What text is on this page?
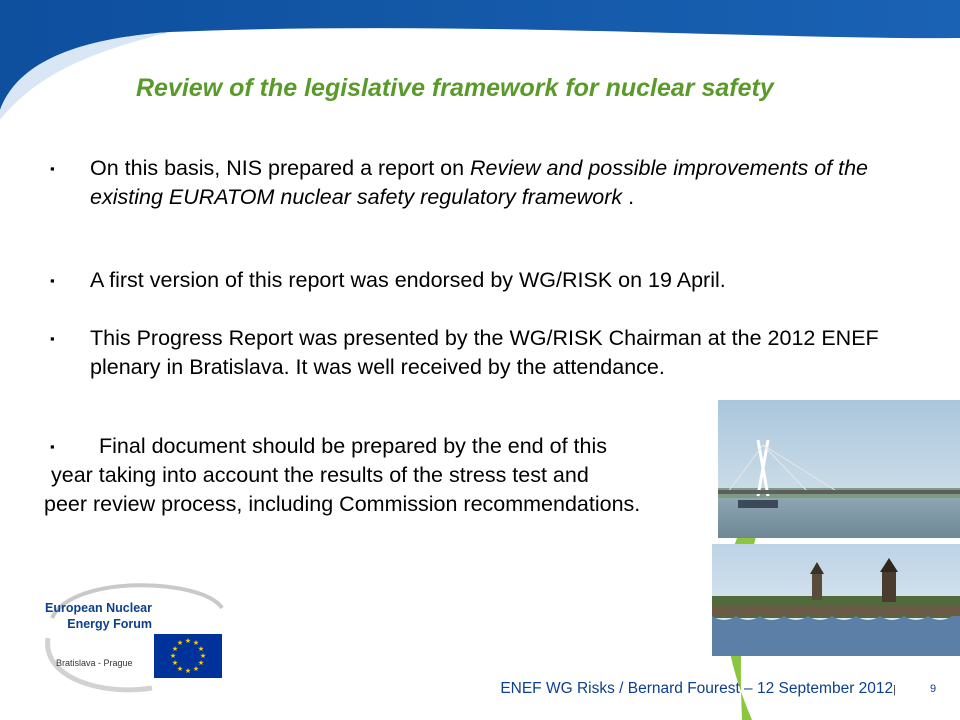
Review of the legislative framework for nuclear safety
▪	On this basis, NIS prepared a report on Review and possible improvements of the existing EURATOM nuclear safety regulatory framework .
▪	A first version of this report was endorsed by WG/RISK on 19 April.
▪	This Progress Report was presented by the WG/RISK Chairman at the 2012 ENEF plenary in Bratislava. It was well received by the attendance.
▪	Final document should be prepared by the end of this
year taking into account the results of the stress test and
peer review process, including Commission recommendations.
European Nuclear
Energy Forum
Bratislava - Prague
★ ★
★
★
★
★
★
★
★
★
★
★
ENEF WG Risks / Bernard Fourest – 12 September 2012|	9
